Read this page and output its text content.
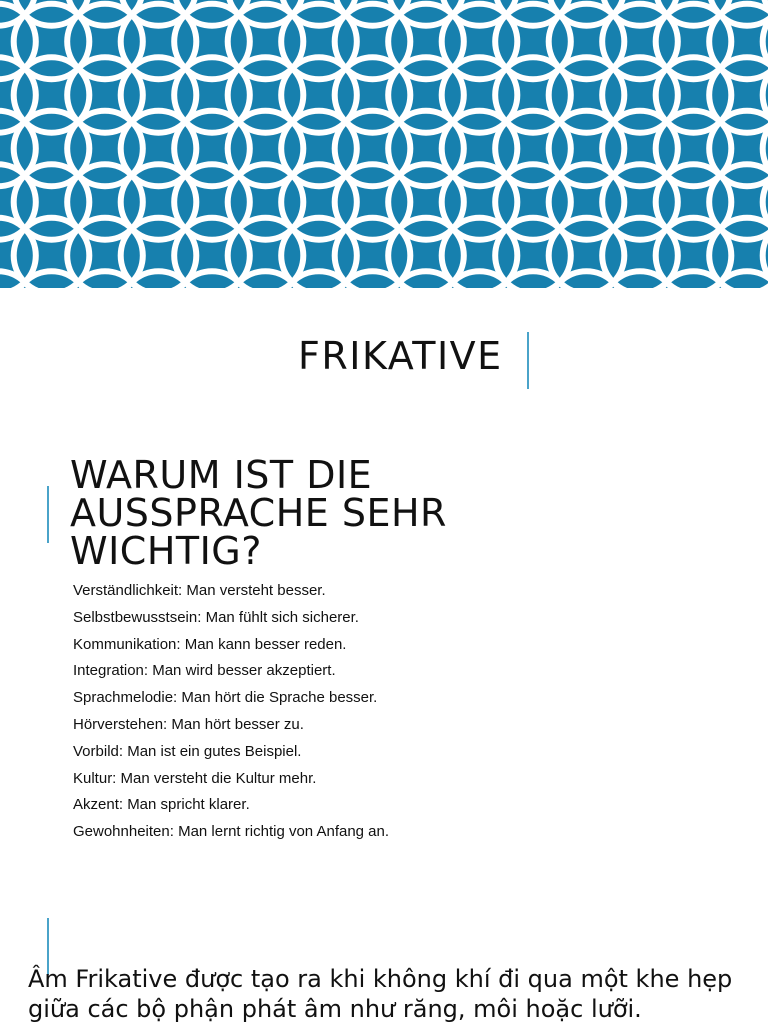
FRIKATIVE
WARUM IST DIE
AUSSPRACHE SEHR
WICHTIG?
Verständlichkeit: Man versteht besser.
Selbstbewusstsein: Man fühlt sich sicherer.
Kommunikation: Man kann besser reden.
Integration: Man wird besser akzeptiert.
Sprachmelodie: Man hört die Sprache besser.
Hörverstehen: Man hört besser zu.
Vorbild: Man ist ein gutes Beispiel.
Kultur: Man versteht die Kultur mehr.
Akzent: Man spricht klarer.
Gewohnheiten: Man lernt richtig von Anfang an.
Âm Frikative được tạo ra khi không khí đi qua một khe hẹp
giữa các bộ phận phát âm như răng, môi hoặc lưỡi.
